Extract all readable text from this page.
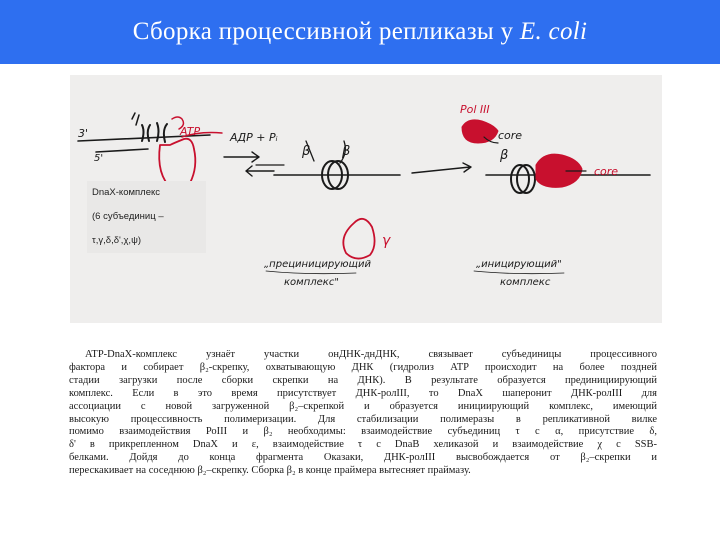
Сборка процессивной репликазы у E. coli
3'
5'
ATP	АДР + Pᵢ
β β
γ
Pol III
core
β
core
„прециницирующий
комплекс"
„иницирующий"
комплекс
DnaX-комплекс
(6 субъединиц –
τ,γ,δ,δ',χ,ψ)
ATP-DnaX-комплекс узнаёт участки онДНК-днДНК, связывает субъединицы процессивного
фактора и собирает β₂-скрепку, охватывающую ДНК (гидролиз ATP происходит на более поздней
стадии загрузки после сборки скрепки на ДНК). В результате образуется прединициирующий
комплекс. Если в это время присутствует ДНК-ролIII, то DnaX шаперонит ДНК-ролIII для
ассоциации с новой загруженной β₂–скрепкой и образуется инициирующий комплекс, имеющий
высокую процессивность полимеризации. Для стабилизации полимеразы в репликативной вилке
помимо взаимодействия РоIII и β₂ необходимы: взаимодействие субъединиц τ с α, присутствие δ,
δ' в прикрепленном DnaX и ε, взаимодействие τ с DnaB хеликазой и взаимодействие χ с SSB-
белками. Дойдя до конца фрагмента Оказаки, ДНК-ролIII высвобождается от β₂–скрепки и
перескакивает на соседнюю β₂–скрепку. Сборка β₂ в конце праймера вытесняет праймазу.
